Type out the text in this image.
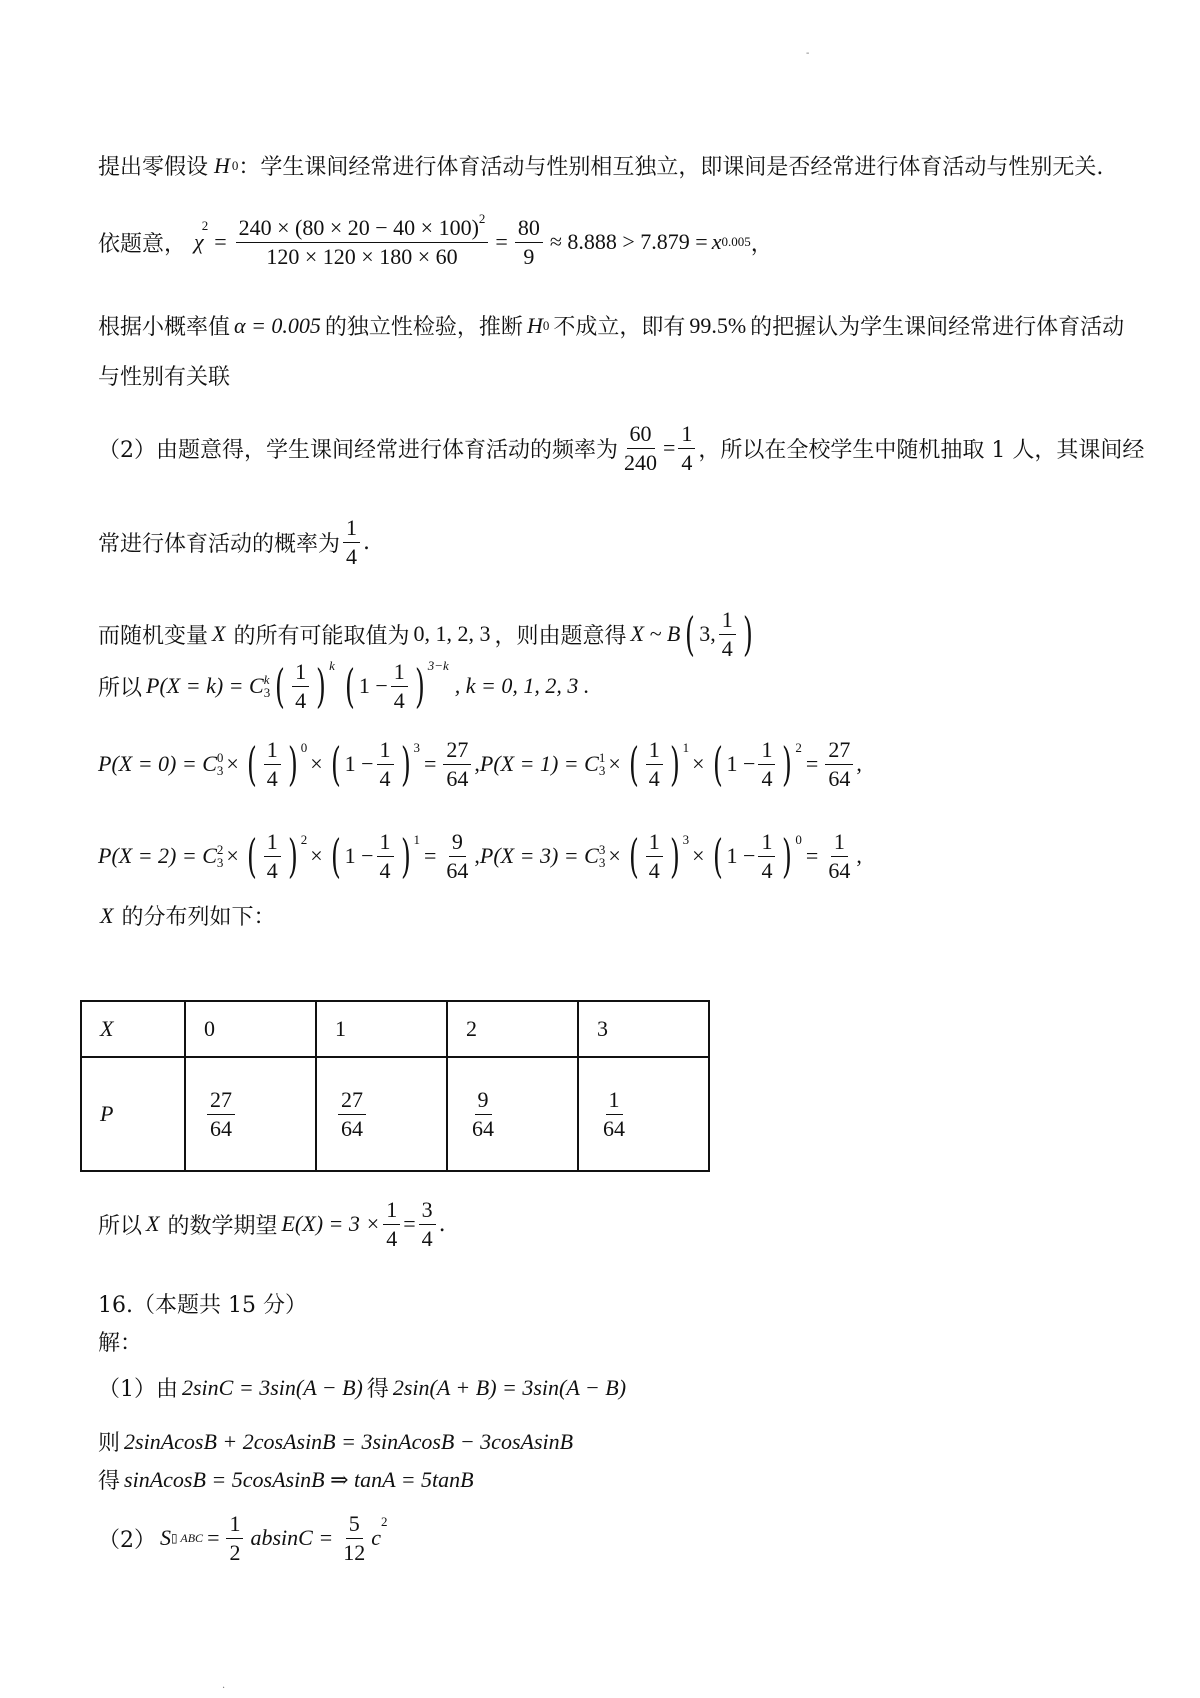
-
提出零假设 H 0 ：学生课间经常进行体育活动与性别相互独立，即课间是否经常进行体育活动与性别无关.
依题意， χ
2
= $\frac{240 \times (80 \times 20 - 40 \times 100)^2}{120 \times 120 \times 180 \times 60} = \frac{80}{9} \approx 8.888 > 7.879 = x$ 0.005 ，
根据小概率值 α = 0.005 的独立性检验，推断 H 0 不成立，即有 99.5% 的把握认为学生课间经常进行体育活动
与性别有关联
（2）由题意得，学生课间经常进行体育活动的频率为 $\frac{60}{240} = \frac{1}{4}$ ，所以在全校学生中随机抽取 1 人，其课间经
常进行体育活动的概率为 $\frac{1}{4}$ .
而随机变量 X 的所有可能取值为 0, 1, 2, 3 ，则由题意得 X ~ B ( 3, $\frac{1}{4}$ )
所以 P(X = k) = C k
3 ( $\frac{1}{4}$ ) k ( $1 - \frac{1}{4}$ ) 3−k
, k = 0, 1, 2, 3 .
P(X = 0) = C 0
3 × ( $\frac{1}{4}$ ) 0
× ( $1 - \frac{1}{4}$ ) 3
= $\frac{27}{64}$ , P(X = 1) = C 1
3 × ( $\frac{1}{4}$ ) 1
× ( $1 - \frac{1}{4}$ ) 2
= $\frac{27}{64}$ ,
P(X = 2) = C 2
3 × ( $\frac{1}{4}$ ) 2
× ( $1 - \frac{1}{4}$ ) 1
= $\frac{9}{64}$ , P(X = 3) = C 3
3 × ( $\frac{1}{4}$ ) 3
× ( $1 - \frac{1}{4}$ ) 0
= $\frac{1}{64}$ ,
X 的分布列如下：
X	0	1	2	3
P	$\frac{27}{64}$	$\frac{27}{64}$	$\frac{9}{64}$	$\frac{1}{64}$
所以 X 的数学期望 $E(X) = 3 \times \frac{1}{4} = \frac{3}{4}$ .
16.（本题共 15 分）
解：
（1）由 2sinC = 3sin(A − B) 得 2sin(A + B) = 3sin(A − B)
则 2sinAcosB + 2cosAsinB = 3sinAcosB − 3cosAsinB
得 sinAcosB = 5cosAsinB ⇒ tanA = 5tanB
（2） S ▯ ABC = $\frac{1}{2}$ $absinC = \frac{5}{12}$ c
2
.
